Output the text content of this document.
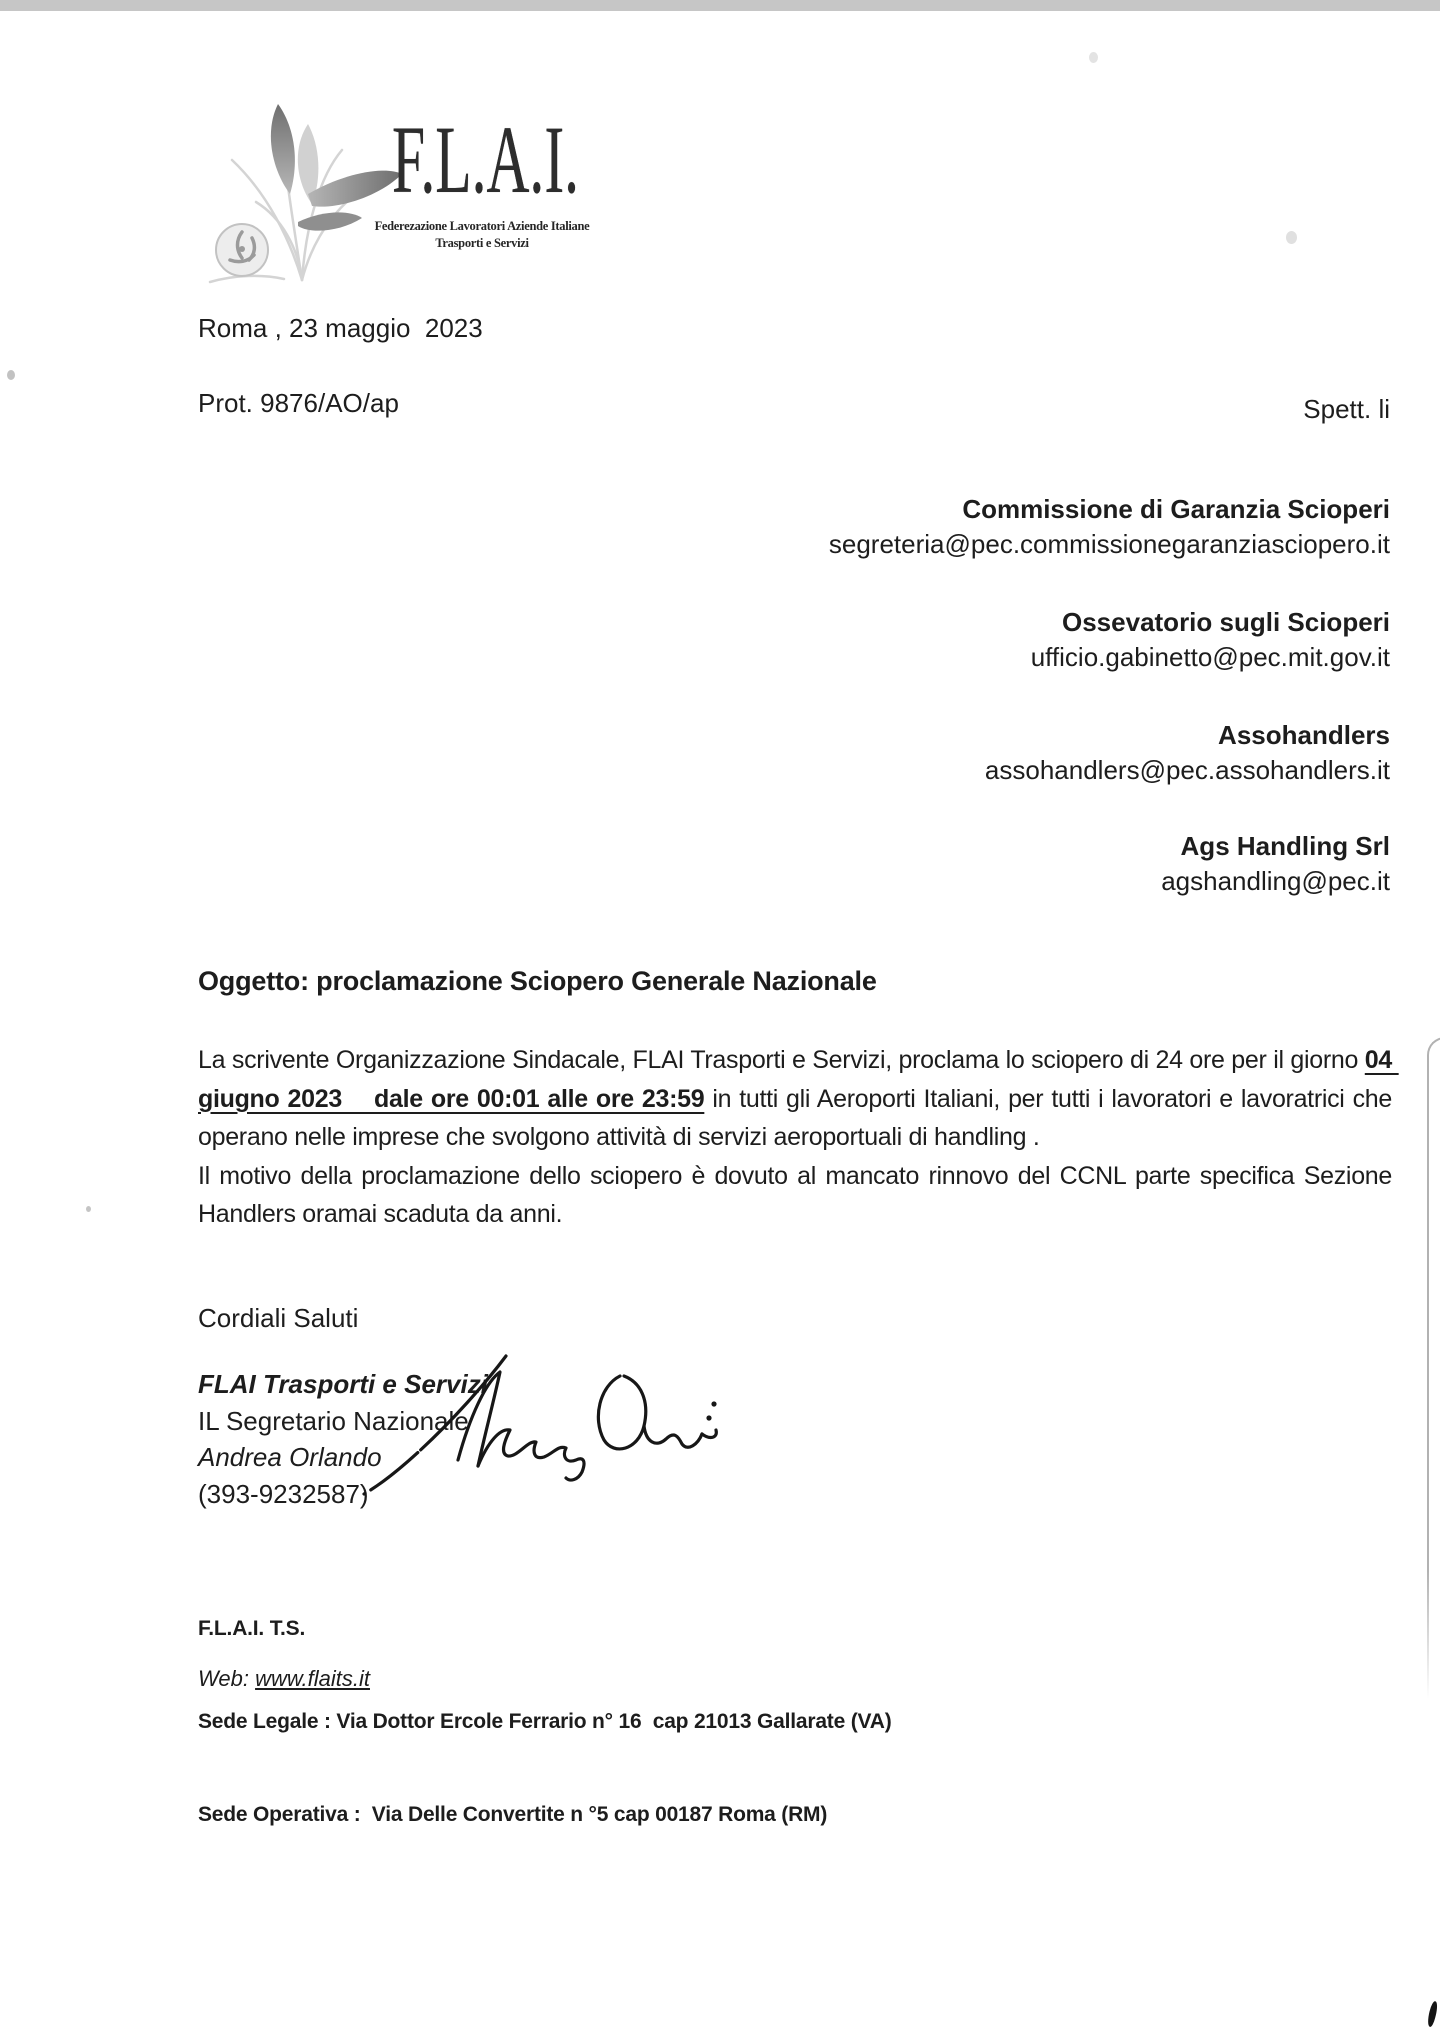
F.L.A.I.
Federezazione Lavoratori Aziende Italiane
Trasporti e Servizi
Roma , 23 maggio  2023
Prot. 9876/AO/ap	Spett. li
Commissione di Garanzia Scioperi
segreteria@pec.commissionegaranziasciopero.it
Ossevatorio sugli Scioperi
ufficio.gabinetto@pec.mit.gov.it
Assohandlers
assohandlers@pec.assohandlers.it
Ags Handling Srl
agshandling@pec.it
Oggetto: proclamazione Sciopero Generale Nazionale

La scrivente Organizzazione Sindacale, FLAI Trasporti e Servizi, proclama lo sciopero di 24 ore per il giorno 04 giugno 2023    dale ore 00:01 alle ore 23:59 in tutti gli Aeroporti Italiani, per tutti i lavoratori e lavoratrici che operano nelle imprese che svolgono attività di servizi aeroportuali di handling .

Il motivo della proclamazione dello sciopero è dovuto al mancato rinnovo del CCNL parte specifica Sezione Handlers oramai scaduta da anni.

Cordiali Saluti
FLAI Trasporti e Servizi
IL Segretario Nazionale
Andrea Orlando
(393-9232587)

F.L.A.I. T.S.

Sede Legale : Via Dottor Ercole Ferrario n° 16  cap 21013 Gallarate (VA)

Sede Operativa :  Via Delle Convertite n °5 cap 00187 Roma (RM)

Web: www.flaits.it
